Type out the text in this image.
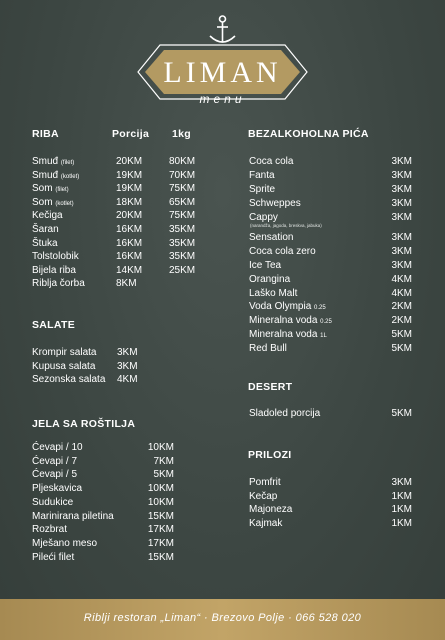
LIMAN
menu
RIBA	Porcija 1kg
Smuđ (filet)	20KM	80KM
Smuđ (kotlet)	19KM	70KM
Som (filet)	19KM	75KM
Som (kotlet)	18KM	65KM
Kečiga	20KM	75KM
Šaran	16KM	35KM
Štuka	16KM	35KM
Tolstolobik	16KM	35KM
Bijela riba	14KM	25KM
Riblja čorba	8KM
SALATE
Krompir salata 3KM
Kupusa salata 3KM
Sezonska salata 4KM
JELA SA ROŠTILJA
Ćevapi / 10	10KM
Ćevapi / 7	7KM
Ćevapi / 5	5KM
Pljeskavica	10KM
Sudukice	10KM
Marinirana piletina	15KM
Rozbrat	17KM
Mješano meso	17KM
Pileći filet	15KM
BEZALKOHOLNA PIĆA
Coca cola	3KM
Fanta	3KM
Sprite	3KM
Schweppes	3KM
Cappy	3KM
Sensation	3KM
Coca cola zero	3KM
Ice Tea	3KM
Orangina	4KM
Laško Malt	4KM
Voda Olympia 0.25	2KM
Mineralna voda 0.25	2KM
Mineralna voda 1L	5KM
Red Bull	5KM
(narandža, jagoda, breskva, jabuka)
DESERT
Sladoled porcija	5KM
PRILOZI
Pomfrit	3KM
Kečap	1KM
Majoneza	1KM
Kajmak	1KM
Riblji restoran „Liman“ · Brezovo Polje · 066 528 020
